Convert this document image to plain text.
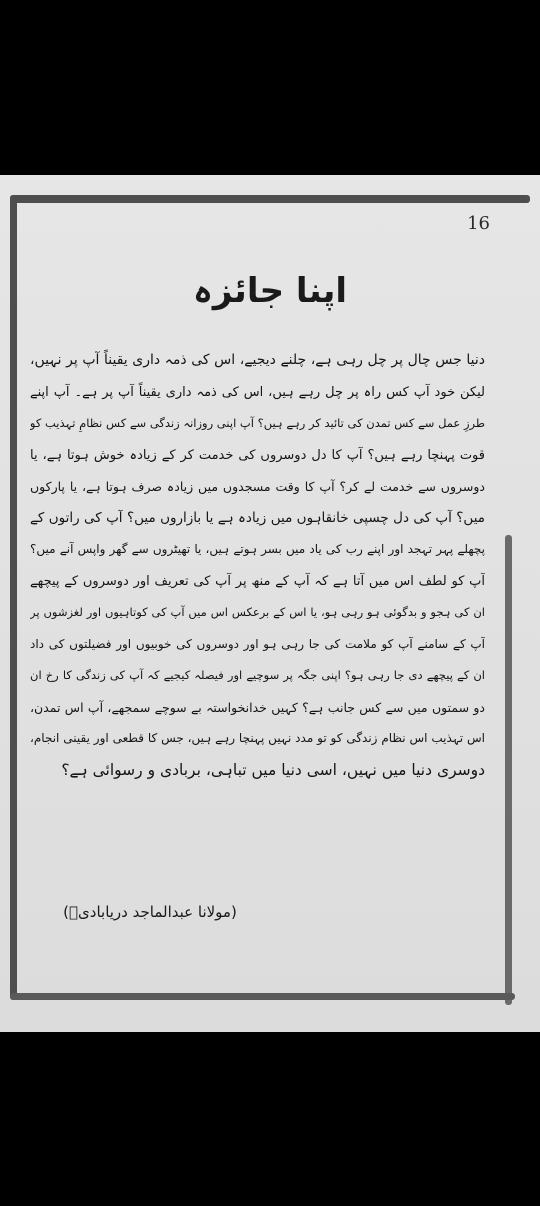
16
اپنا جائزہ
دنیا جس چال پر چل رہی ہے، چلنے دیجیے، اس کی ذمہ داری یقیناً آپ پر نہیں،
لیکن خود آپ کس راہ پر چل رہے ہیں، اس کی ذمہ داری یقیناً آپ پر ہے۔ آپ اپنے
طرزِ عمل سے کس تمدن کی تائید کر رہے ہیں؟ آپ اپنی روزانہ زندگی سے کس نظامِ تہذیب کو
قوت پہنچا رہے ہیں؟ آپ کا دل دوسروں کی خدمت کر کے زیادہ خوش ہوتا ہے، یا
دوسروں سے خدمت لے کر؟ آپ کا وقت مسجدوں میں زیادہ صرف ہوتا ہے، یا پارکوں
میں؟ آپ کی دل چسپی خانقاہوں میں زیادہ ہے یا بازاروں میں؟ آپ کی راتوں کے
پچھلے پہر تہجد اور اپنے رب کی یاد میں بسر ہوتے ہیں، یا تھیٹروں سے گھر واپس آنے میں؟
آپ کو لطف اس میں آتا ہے کہ آپ کے منھ پر آپ کی تعریف اور دوسروں کے پیچھے
ان کی ہجو و بدگوئی ہو رہی ہو، یا اس کے برعکس اس میں آپ کی کوتاہیوں اور لغزشوں پر
آپ کے سامنے آپ کو ملامت کی جا رہی ہو اور دوسروں کی خوبیوں اور فضیلتوں کی داد
ان کے پیچھے دی جا رہی ہو؟ اپنی جگہ پر سوچیے اور فیصلہ کیجیے کہ آپ کی زندگی کا رخ ان
دو سمتوں میں سے کس جانب ہے؟ کہیں خدانخواستہ بے سوچے سمجھے، آپ اس تمدن،
اس تہذیب اس نظام زندگی کو تو مدد نہیں پہنچا رہے ہیں، جس کا قطعی اور یقینی انجام،
دوسری دنیا میں نہیں، اسی دنیا میں تباہی، بربادی و رسوائی ہے؟
(مولانا عبدالماجد دریابادیؒ)
